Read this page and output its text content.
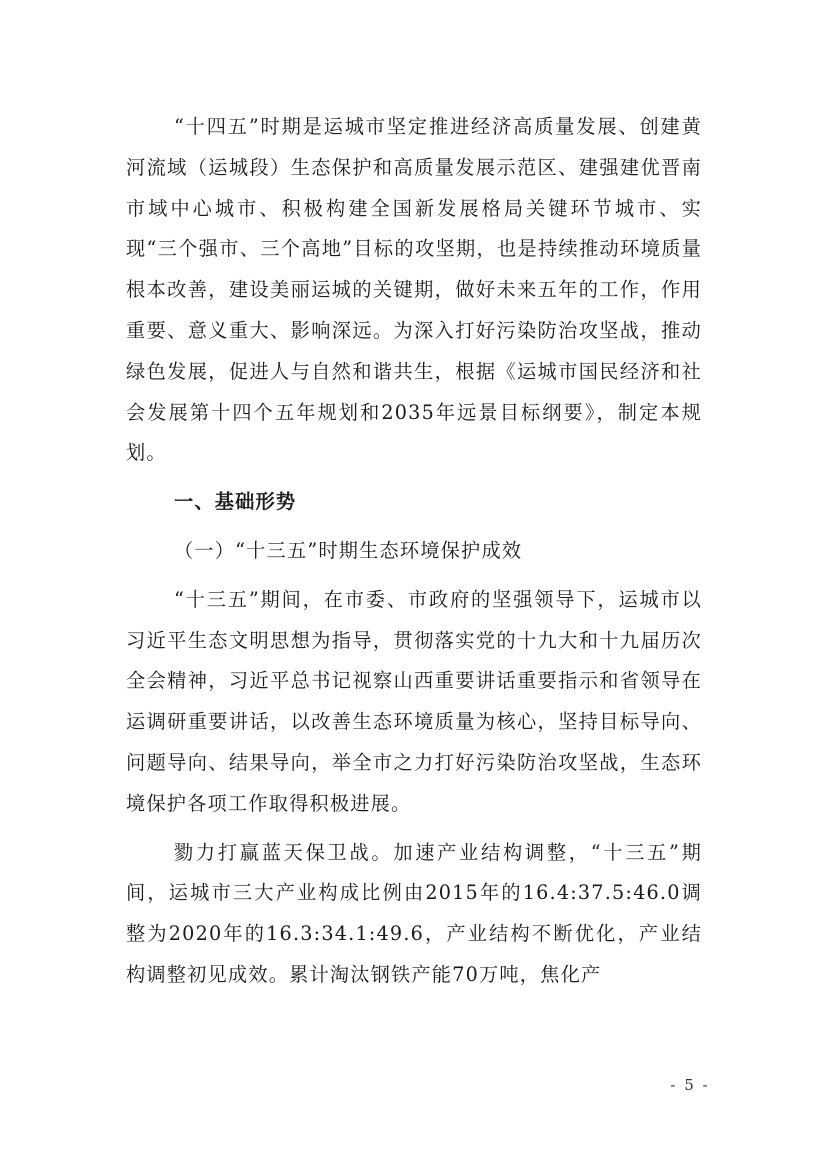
“十四五”时期是运城市坚定推进经济高质量发展、创建黄河流域（运城段）生态保护和高质量发展示范区、建强建优晋南市域中心城市、积极构建全国新发展格局关键环节城市、实现“三个强市、三个高地”目标的攻坚期，也是持续推动环境质量根本改善，建设美丽运城的关键期，做好未来五年的工作，作用重要、意义重大、影响深远。为深入打好污染防治攻坚战，推动绿色发展，促进人与自然和谐共生，根据《运城市国民经济和社会发展第十四个五年规划和2035年远景目标纲要》，制定本规划。

一、基础形势

（一）“十三五”时期生态环境保护成效

“十三五”期间，在市委、市政府的坚强领导下，运城市以习近平生态文明思想为指导，贯彻落实党的十九大和十九届历次全会精神，习近平总书记视察山西重要讲话重要指示和省领导在运调研重要讲话，以改善生态环境质量为核心，坚持目标导向、问题导向、结果导向，举全市之力打好污染防治攻坚战，生态环境保护各项工作取得积极进展。

勠力打赢蓝天保卫战。加速产业结构调整，“十三五”期间，运城市三大产业构成比例由2015年的16.4:37.5:46.0调整为2020年的16.3:34.1:49.6，产业结构不断优化，产业结构调整初见成效。累计淘汰钢铁产能70万吨，焦化产

- 5 -
